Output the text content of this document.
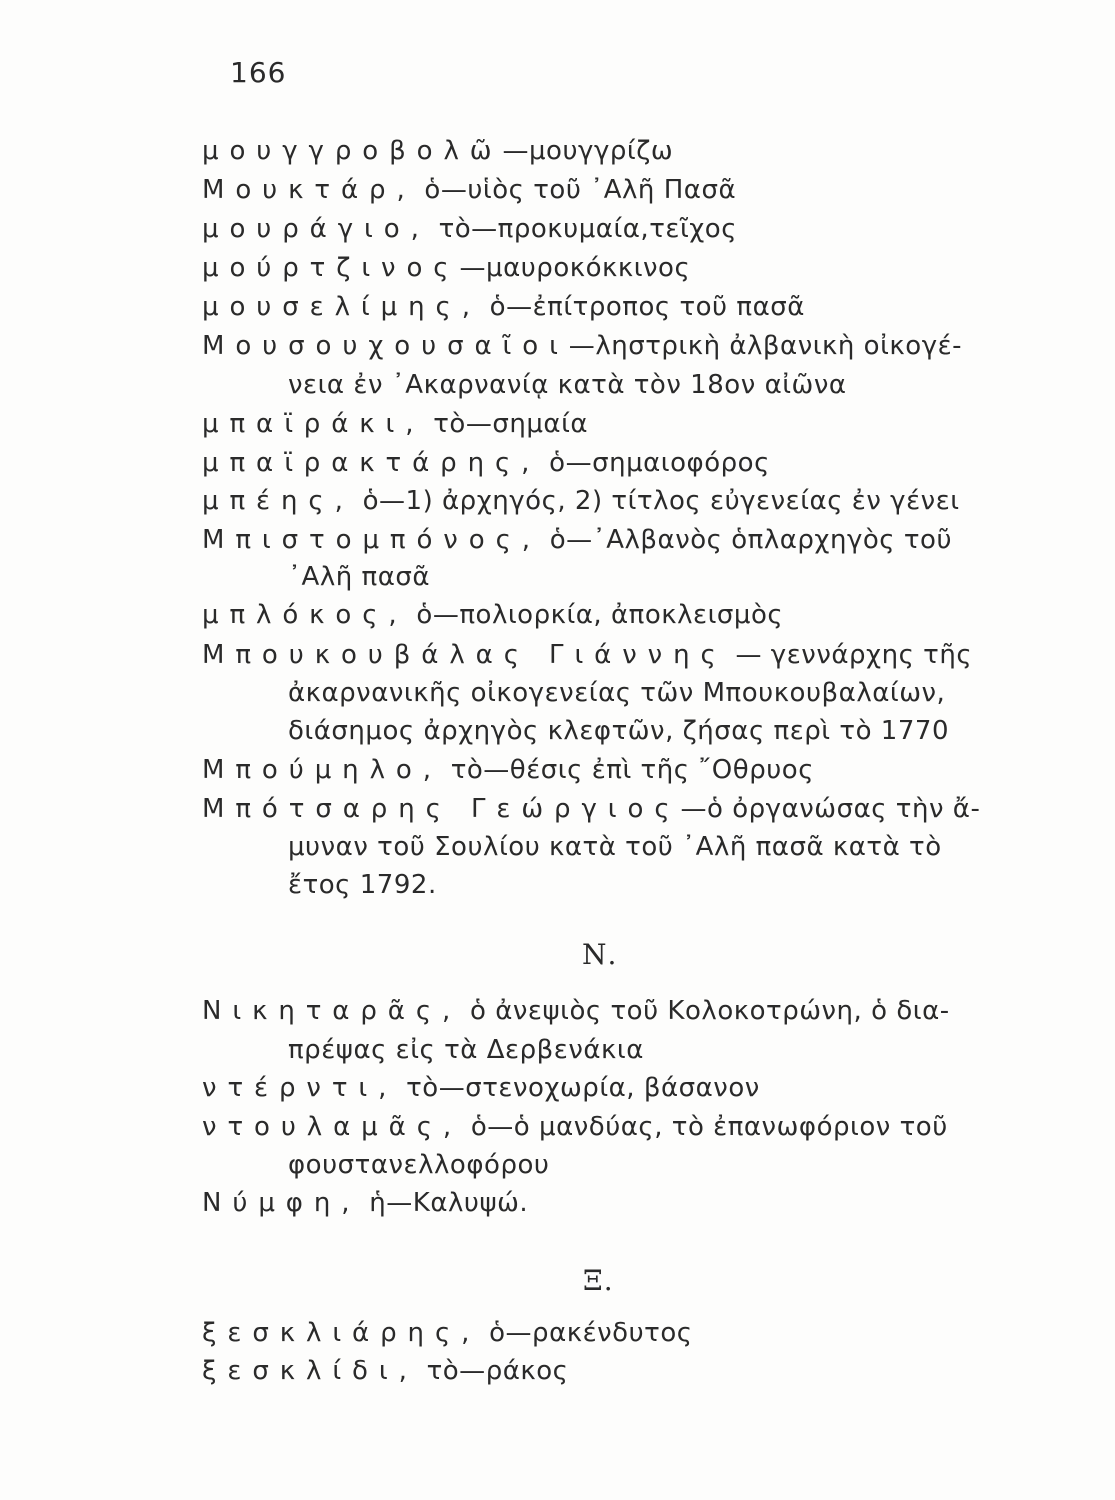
166
μουγγροβολῶ—μουγγρίζω
Μουκτάρ, ὁ—υἱὸς τοῦ ᾿Αλῆ Πασᾶ
μουράγιο, τὸ—προκυμαία,τεῖχος
μούρτζινος—μαυροκόκκινος
μουσελίμης, ὁ—ἐπίτροπος τοῦ πασᾶ
Μουσουχουσαῖοι—ληστρικὴ ἀλβανικὴ οἰκογέ-
νεια ἐν ᾿Ακαρνανίᾳ κατὰ τὸν 18ον αἰῶνα
μπαϊράκι, τὸ—σημαία
μπαϊρακτάρης, ὁ—σημαιοφόρος
μπέης, ὁ—1) ἀρχηγός, 2) τίτλος εὐγενείας ἐν γένει
Μπιστομπόνος, ὁ—᾿Αλβανὸς ὁπλαρχηγὸς τοῦ
᾿Αλῆ πασᾶ
μπλόκος, ὁ—πολιορκία, ἀποκλεισμὸς
Μπουκουβάλας Γιάννης — γεννάρχης τῆς
ἀκαρνανικῆς οἰκογενείας τῶν Μπουκουβαλαίων,
διάσημος ἀρχηγὸς κλεφτῶν, ζήσας περὶ τὸ 1770
Μπούμηλο, τὸ—θέσις ἐπὶ τῆς ῎Οθρυος
Μπότσαρης Γεώργιος—ὁ ὀργανώσας τὴν ἄ-
μυναν τοῦ Σουλίου κατὰ τοῦ ᾿Αλῆ πασᾶ κατὰ τὸ
ἔτος 1792.
Ν.
Νικηταρᾶς, ὁ ἀνεψιὸς τοῦ Κολοκοτρώνη, ὁ δια-
πρέψας εἰς τὰ Δερβενάκια
ντέρντι, τὸ—στενοχωρία, βάσανον
ντουλαμᾶς, ὁ—ὁ μανδύας, τὸ ἐπανωφόριον τοῦ
φουστανελλοφόρου
Νύμφη, ἡ—Καλυψώ.
Ξ.
ξεσκλιάρης, ὁ—ρακένδυτος
ξεσκλίδι, τὸ—ράκος
